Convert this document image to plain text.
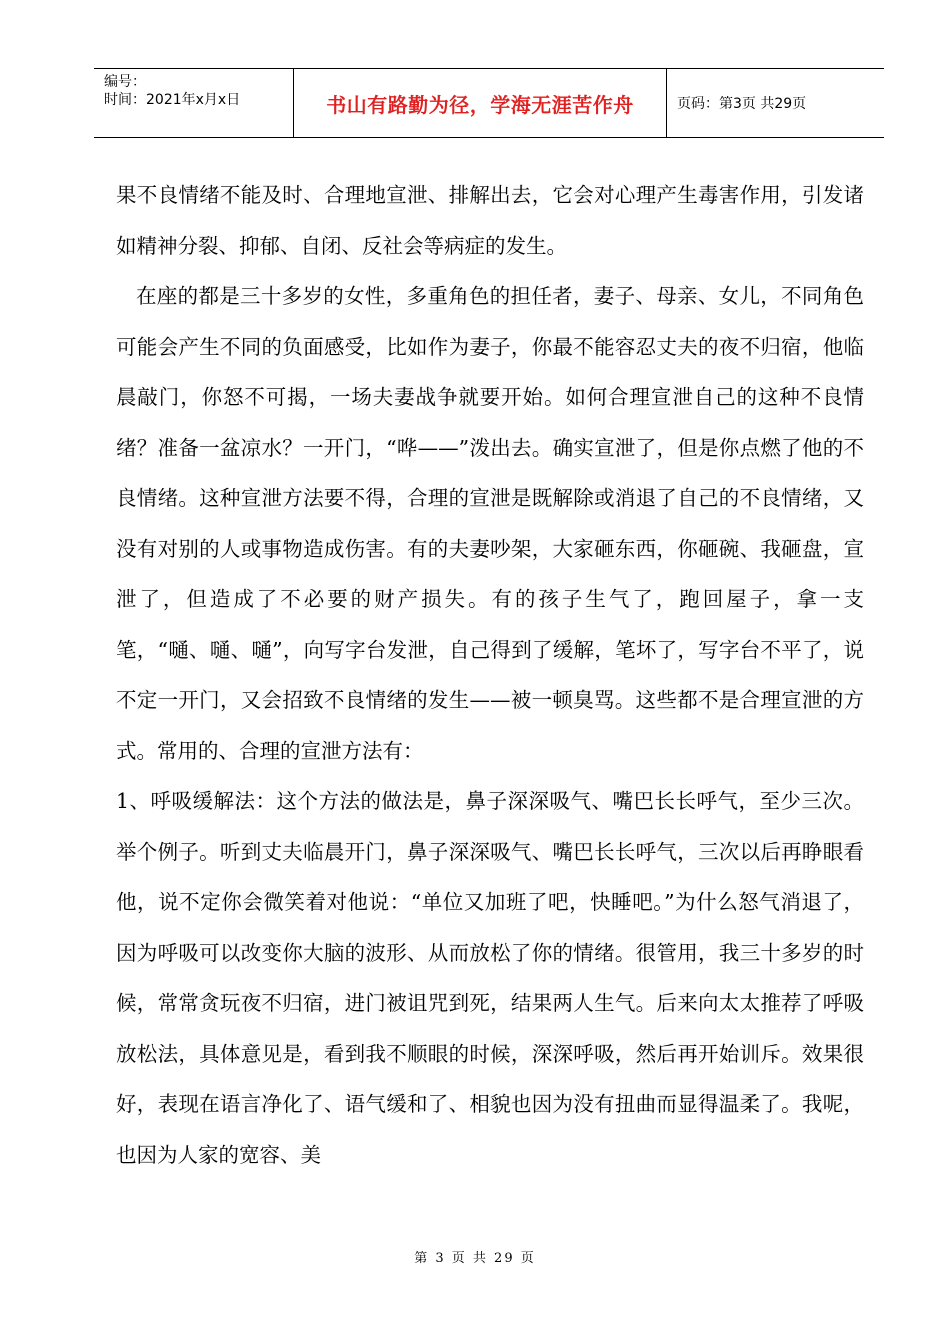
编号：
时间：2021年x月x日	书山有路勤为径，学海无涯苦作舟	页码：第3页 共29页

果不良情绪不能及时、合理地宣泄、排解出去，它会对心理产生毒害作用，引发诸如精神分裂、抑郁、自闭、反社会等病症的发生。

在座的都是三十多岁的女性，多重角色的担任者，妻子、母亲、女儿，不同角色可能会产生不同的负面感受，比如作为妻子，你最不能容忍丈夫的夜不归宿，他临晨敲门，你怒不可揭，一场夫妻战争就要开始。如何合理宣泄自己的这种不良情绪？准备一盆凉水？一开门，“哗——”泼出去。确实宣泄了，但是你点燃了他的不良情绪。这种宣泄方法要不得，合理的宣泄是既解除或消退了自己的不良情绪，又没有对别的人或事物造成伤害。有的夫妻吵架，大家砸东西，你砸碗、我砸盘，宣泄了，但造成了不必要的财产损失。有的孩子生气了，跑回屋子，拿一支笔，“嗵、嗵、嗵”，向写字台发泄，自己得到了缓解，笔坏了，写字台不平了，说不定一开门，又会招致不良情绪的发生——被一顿臭骂。这些都不是合理宣泄的方式。常用的、合理的宣泄方法有：

1、呼吸缓解法：这个方法的做法是，鼻子深深吸气、嘴巴长长呼气，至少三次。举个例子。听到丈夫临晨开门，鼻子深深吸气、嘴巴长长呼气，三次以后再睁眼看他，说不定你会微笑着对他说：“单位又加班了吧，快睡吧。”为什么怒气消退了，因为呼吸可以改变你大脑的波形、从而放松了你的情绪。很管用，我三十多岁的时候，常常贪玩夜不归宿，进门被诅咒到死，结果两人生气。后来向太太推荐了呼吸放松法，具体意见是，看到我不顺眼的时候，深深呼吸，然后再开始训斥。效果很好，表现在语言净化了、语气缓和了、相貌也因为没有扭曲而显得温柔了。我呢，也因为人家的宽容、美

第 3 页 共 29 页
